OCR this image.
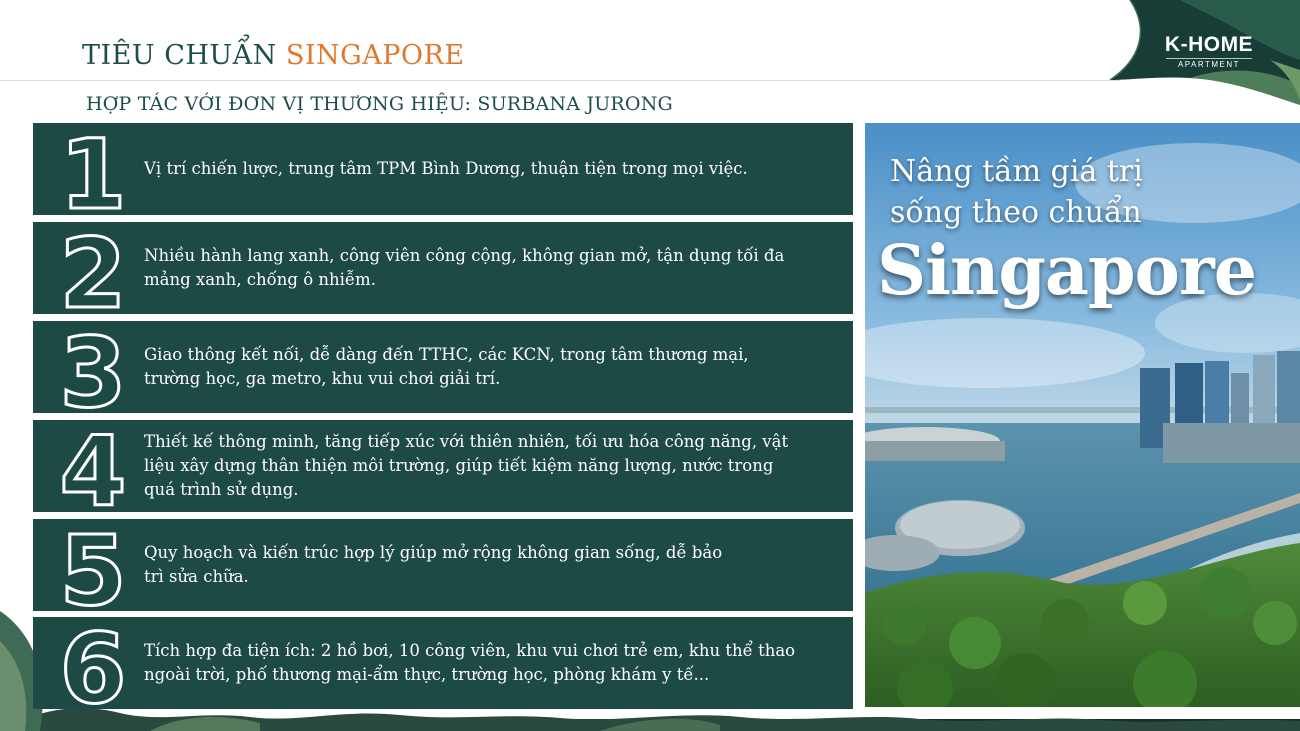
TIÊU CHUẨN SINGAPORE
HỢP TÁC VỚI ĐƠN VỊ THƯƠNG HIỆU: SURBANA JURONG
K-HOME
APARTMENT
1	Vị trí chiến lược, trung tâm TPM Bình Dương, thuận tiện trong mọi việc.
2	Nhiều hành lang xanh, công viên công cộng, không gian mở, tận dụng tối đa
mảng xanh, chống ô nhiễm.
3	Giao thông kết nối, dễ dàng đến TTHC, các KCN, trong tâm thương mại,
trường học, ga metro, khu vui chơi giải trí.
4	Thiết kế thông minh, tăng tiếp xúc với thiên nhiên, tối ưu hóa công năng, vật
liệu xây dựng thân thiện môi trường, giúp tiết kiệm năng lượng, nước trong
quá trình sử dụng.
5	Quy hoạch và kiến trúc hợp lý giúp mở rộng không gian sống, dễ bảo
trì sửa chữa.
6	Tích hợp đa tiện ích: 2 hồ bơi, 10 công viên, khu vui chơi trẻ em, khu thể thao
ngoài trời, phố thương mại-ẩm thực, trường học, phòng khám y tế...
Nâng tầm giá trị
sống theo chuẩn
Singapore
